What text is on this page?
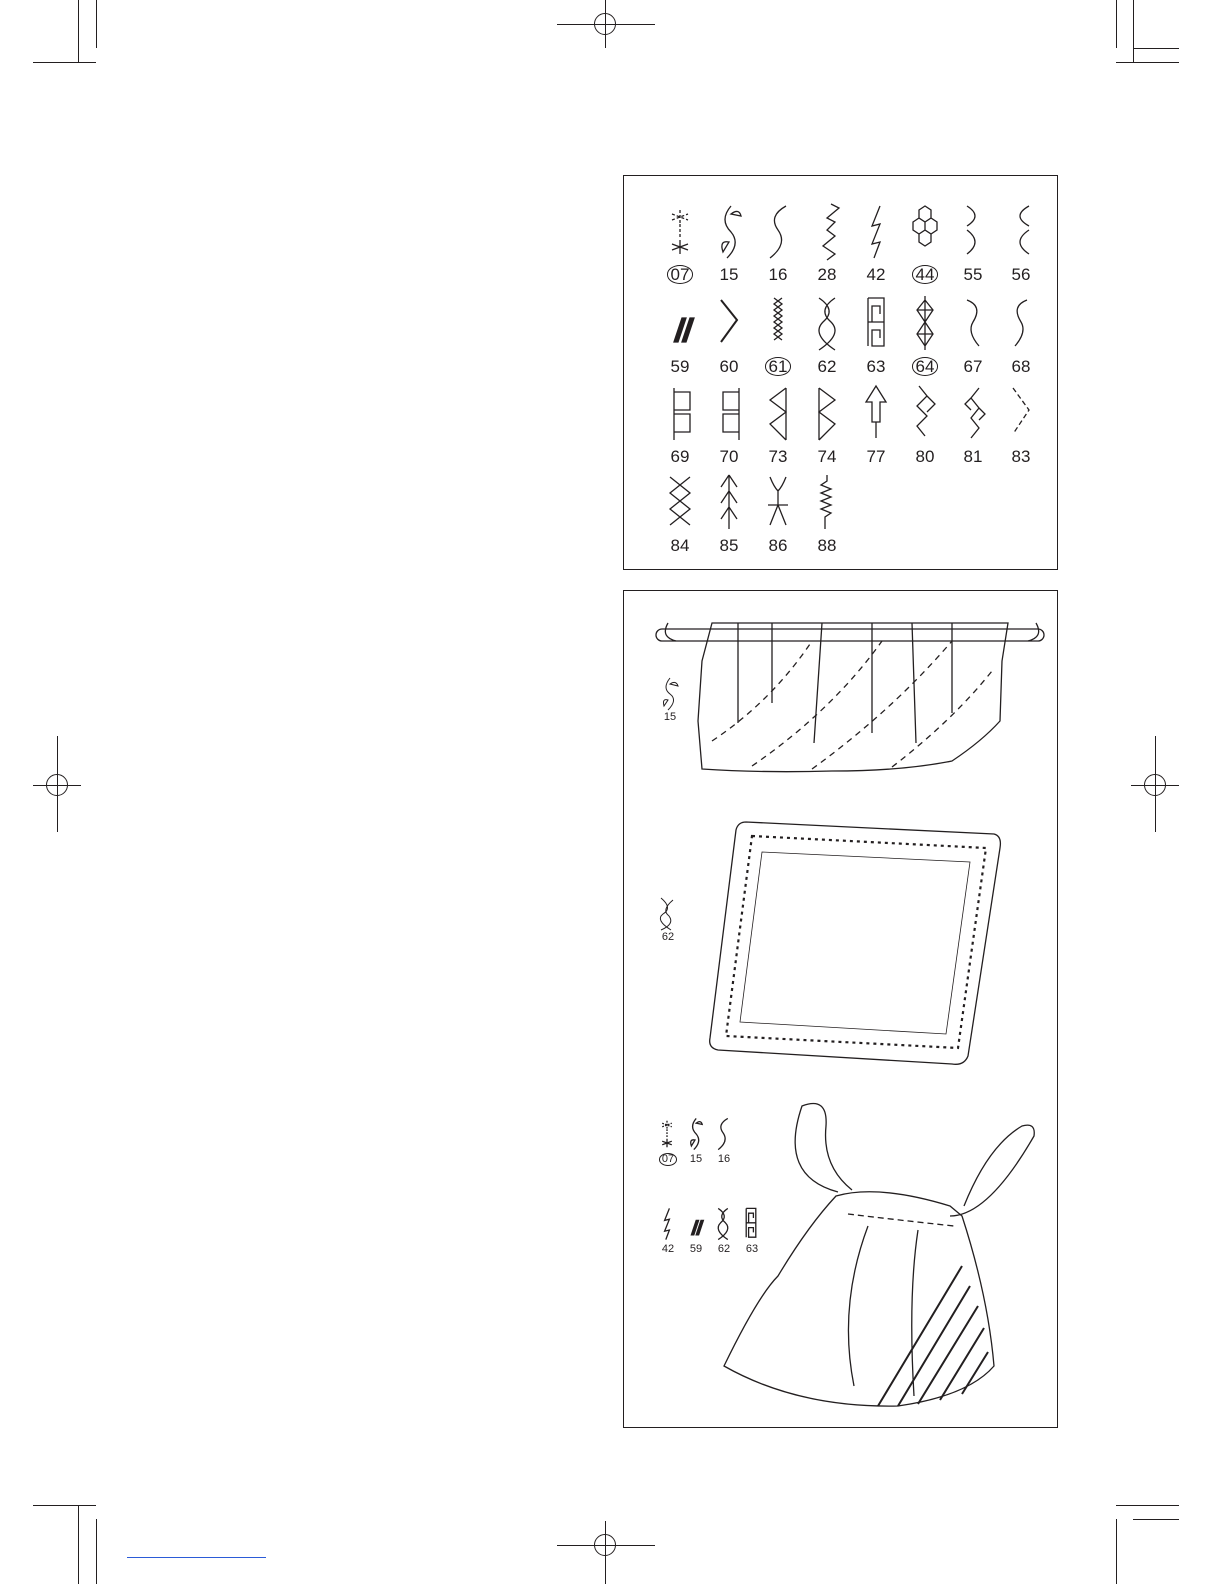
07	15	16	28	42	44	55	56
59	60	61	62	63	64	67	68
69	70	73	74	77	80	81	83
84	85	86	88
15
62
07	15	16
42	59	62	63
